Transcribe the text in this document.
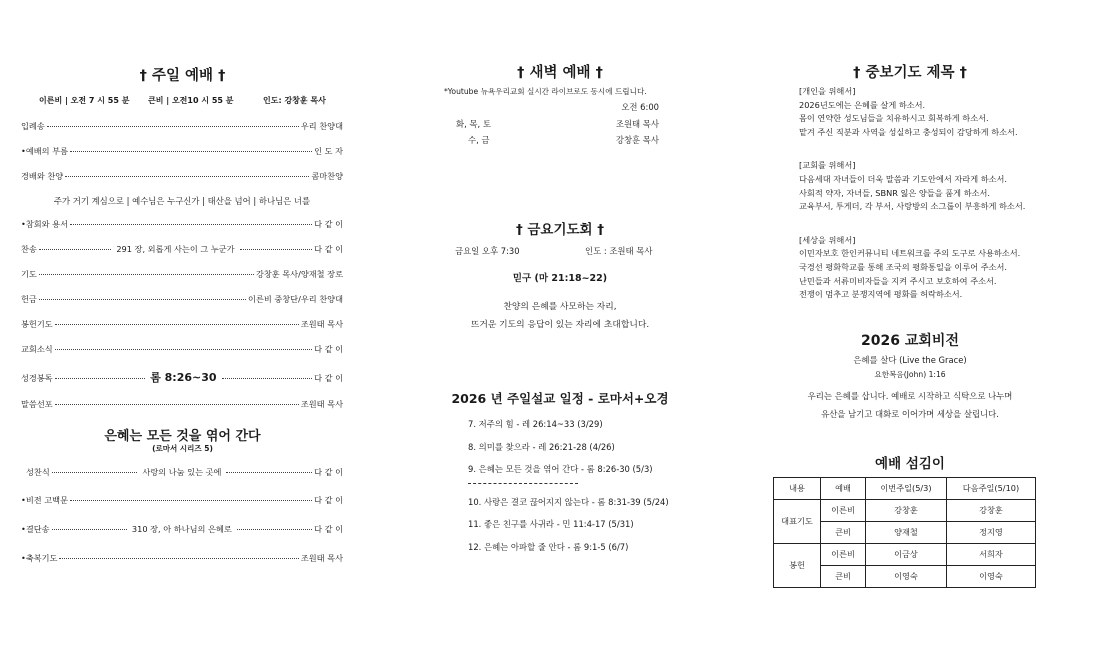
† 주일 예배 †
이른비 | 오전 7 시 55 분 큰비 | 오전10 시 55 분	인도: 강창훈 목사
입례송	우리 찬양대
•예배의 부름	인 도 자
경배와 찬양	콤마찬양
주가 거기 계심으로 | 예수님은 누구신가 | 태산을 넘어 | 하나님은 너를
•참회와 용서	다 같 이
찬송	291 장, 외롭게 사는이 그 누군가	다 같 이
기도	강창훈 목사/양재철 장로
헌금	이른비 중창단/우리 찬양대
봉헌기도	조원태 목사
교회소식	다 같 이
성경봉독	롬 8:26~30	다 같 이
말씀선포	조원태 목사
은혜는 모든 것을 엮어 간다
(로마서 시리즈 5)
성찬식	사랑의 나눔 있는 곳에	다 같 이
•비전 고백문	다 같 이
•결단송	310 장, 아 하나님의 은혜로	다 같 이
•축복기도	조원태 목사
† 새벽 예배 †
*Youtube 뉴욕우리교회 실시간 라이브로도 동시에 드립니다.
오전 6:00
화, 목, 토	조원태 목사
수, 금	강창훈 목사
† 금요기도회 †
금요일 오후 7:30	인도 : 조원태 목사
믿구 (마 21:18~22)
찬양의 은혜를 사모하는 자리,
뜨거운 기도의 응답이 있는 자리에 초대합니다.
2026 년 주일설교 일정 - 로마서+오경
7. 저주의 힘 - 레 26:14~33 (3/29)
8. 의미를 찾으라 - 레 26:21-28 (4/26)
9. 은혜는 모든 것을 엮어 간다 - 롬 8:26-30 (5/3)
10. 사랑은 결코 끊어지지 않는다 - 롬 8:31-39 (5/24)
11. 좋은 친구를 사귀라 - 민 11:4-17 (5/31)
12. 은혜는 아파할 줄 안다 - 롬 9:1-5 (6/7)
† 중보기도 제목 †
[개인을 위해서]
2026년도에는 은혜를 살게 하소서.
몸이 연약한 성도님들을 치유하시고 회복하게 하소서.
맡겨 주신 직분과 사역을 성실하고 충성되이 감당하게 하소서.
[교회를 위해서]
다음세대 자녀들이 더욱 말씀과 기도안에서 자라게 하소서.
사회적 약자, 자녀들, SBNR 잃은 양들을 품게 하소서.
교육부서, 투게더, 각 부서, 사랑방의 소그룹이 부흥하게 하소서.
[세상을 위해서]
이민자보호 한인커뮤니티 네트워크를 주의 도구로 사용하소서.
국경선 평화학교를 통해 조국의 평화통일을 이루어 주소서.
난민들과 서류미비자들을 지켜 주시고 보호하여 주소서.
전쟁이 멈추고 분쟁지역에 평화를 허락하소서.
2026 교회비전
은혜를 살다 (Live the Grace)
요한복음(John) 1:16
우리는 은혜를 삽니다. 예배로 시작하고 식탁으로 나누며
유산을 남기고 대화로 이어가며 세상을 살립니다.
예배 섬김이
내용	예배	이번주일(5/3)	다음주일(5/10)
대표기도	이른비	강창훈	강창훈
	큰비	양재철	정지영
봉헌	이른비	이금상	서희자
	큰비	이영숙	이영숙
